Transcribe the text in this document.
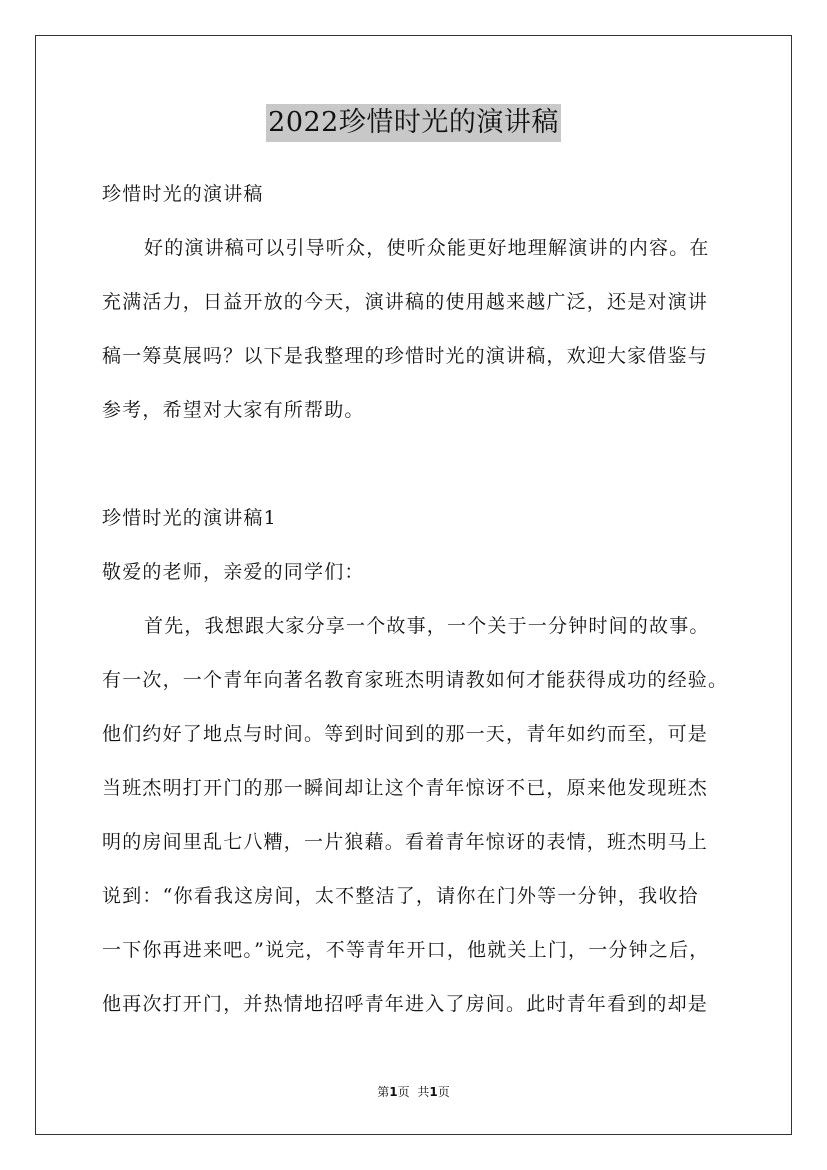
2022珍惜时光的演讲稿
珍惜时光的演讲稿
好的演讲稿可以引导听众，使听众能更好地理解演讲的内容。在
充满活力，日益开放的今天，演讲稿的使用越来越广泛，还是对演讲
稿一筹莫展吗？以下是我整理的珍惜时光的演讲稿，欢迎大家借鉴与
参考，希望对大家有所帮助。
珍惜时光的演讲稿1
敬爱的老师，亲爱的同学们：
首先，我想跟大家分享一个故事，一个关于一分钟时间的故事。
有一次，一个青年向著名教育家班杰明请教如何才能获得成功的经验。
他们约好了地点与时间。等到时间到的那一天，青年如约而至，可是
当班杰明打开门的那一瞬间却让这个青年惊讶不已，原来他发现班杰
明的房间里乱七八糟，一片狼藉。看着青年惊讶的表情，班杰明马上
说到：“你看我这房间，太不整洁了，请你在门外等一分钟，我收拾
一下你再进来吧。”说完，不等青年开口，他就关上门，一分钟之后，
他再次打开门，并热情地招呼青年进入了房间。此时青年看到的却是
第1页 共1页
